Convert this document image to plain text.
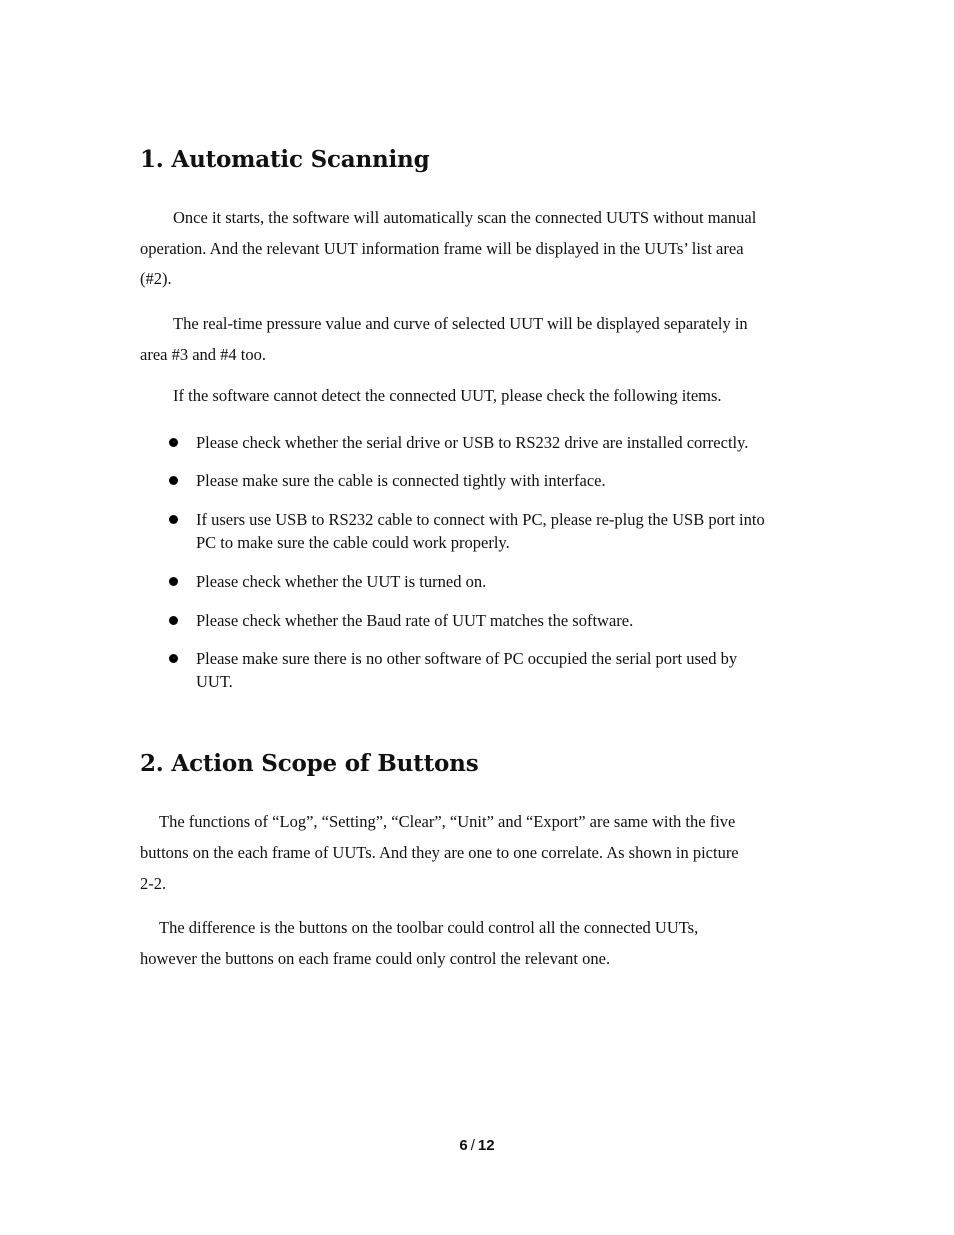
1. Automatic Scanning
Once it starts, the software will automatically scan the connected UUTS without manual
operation. And the relevant UUT information frame will be displayed in the UUTs’ list area
(#2).
The real-time pressure value and curve of selected UUT will be displayed separately in
area #3 and #4 too.
If the software cannot detect the connected UUT, please check the following items.
Please check whether the serial drive or USB to RS232 drive are installed correctly.
Please make sure the cable is connected tightly with interface.
If users use USB to RS232 cable to connect with PC, please re-plug the USB port into
PC to make sure the cable could work properly.
Please check whether the UUT is turned on.
Please check whether the Baud rate of UUT matches the software.
Please make sure there is no other software of PC occupied the serial port used by
UUT.
2. Action Scope of Buttons
The functions of “Log”, “Setting”, “Clear”, “Unit” and “Export” are same with the five
buttons on the each frame of UUTs. And they are one to one correlate. As shown in picture
2-2.
The difference is the buttons on the toolbar could control all the connected UUTs,
however the buttons on each frame could only control the relevant one.
6 / 12
